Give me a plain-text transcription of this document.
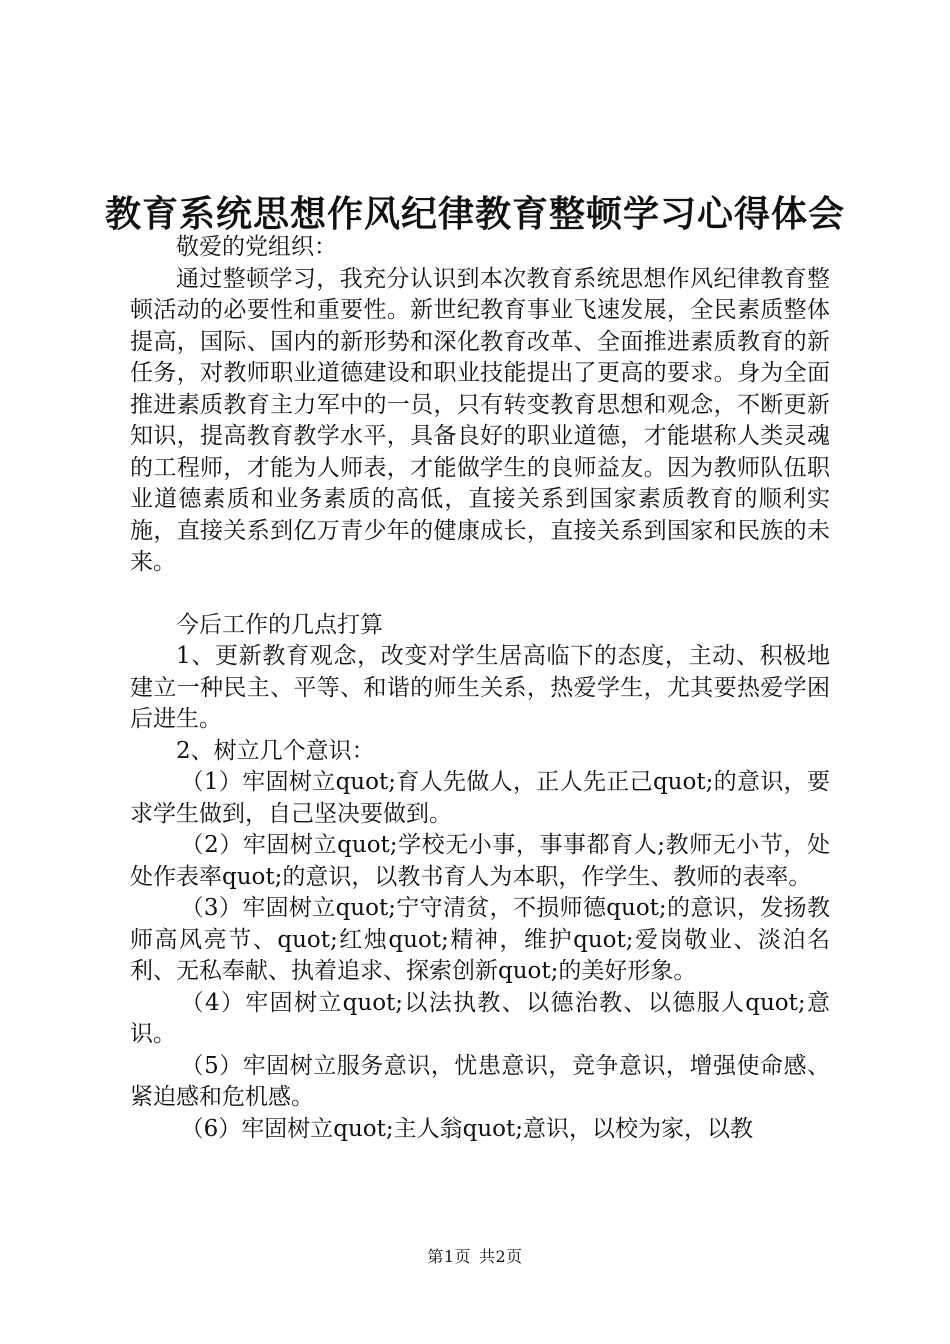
教育系统思想作风纪律教育整顿学习心得体会

敬爱的党组织：

通过整顿学习，我充分认识到本次教育系统思想作风纪律教育整顿活动的必要性和重要性。新世纪教育事业飞速发展，全民素质整体提高，国际、国内的新形势和深化教育改革、全面推进素质教育的新任务，对教师职业道德建设和职业技能提出了更高的要求。身为全面推进素质教育主力军中的一员，只有转变教育思想和观念，不断更新知识，提高教育教学水平，具备良好的职业道德，才能堪称人类灵魂的工程师，才能为人师表，才能做学生的良师益友。因为教师队伍职业道德素质和业务素质的高低，直接关系到国家素质教育的顺利实施，直接关系到亿万青少年的健康成长，直接关系到国家和民族的未来。

今后工作的几点打算

1、更新教育观念，改变对学生居高临下的态度，主动、积极地建立一种民主、平等、和谐的师生关系，热爱学生，尤其要热爱学困后进生。

2、树立几个意识：

（1）牢固树立quot;育人先做人，正人先正己quot;的意识，要求学生做到，自己坚决要做到。

（2）牢固树立quot;学校无小事，事事都育人;教师无小节，处处作表率quot;的意识，以教书育人为本职，作学生、教师的表率。

（3）牢固树立quot;宁守清贫，不损师德quot;的意识，发扬教师高风亮节、quot;红烛quot;精神，维护quot;爱岗敬业、淡泊名利、无私奉献、执着追求、探索创新quot;的美好形象。

（4）牢固树立quot;以法执教、以德治教、以德服人quot;意识。

（5）牢固树立服务意识，忧患意识，竞争意识，增强使命感、紧迫感和危机感。

（6）牢固树立quot;主人翁quot;意识，以校为家，以教

第1页 共2页
